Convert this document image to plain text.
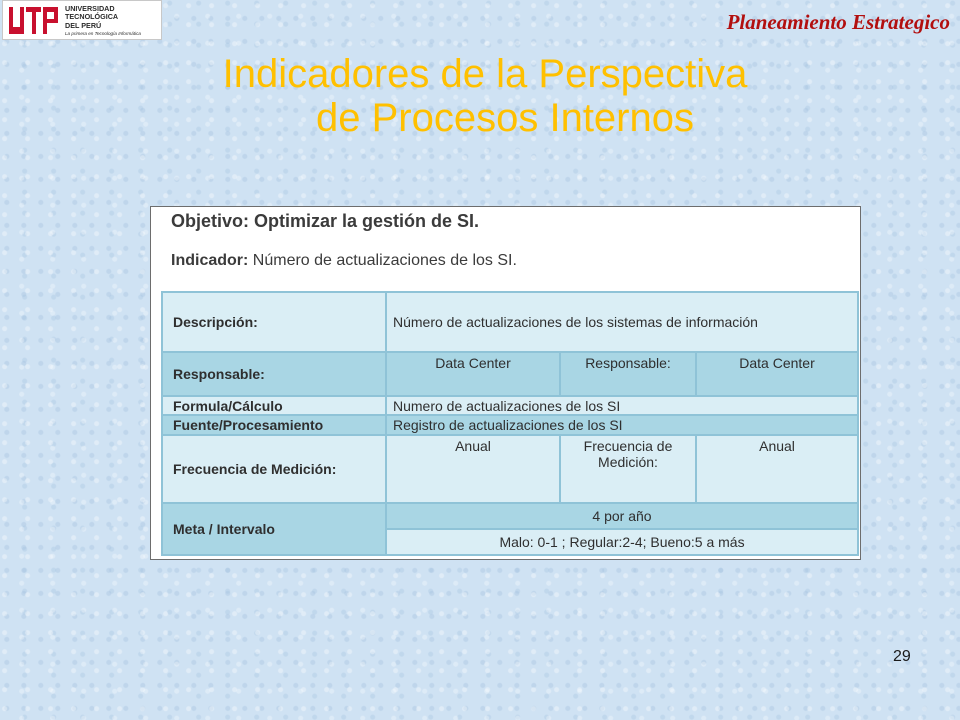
UNIVERSIDAD
TECNOLÓGICA
DEL PERÚ
La primera en Tecnología Informática	Planeamiento Estrategico
Indicadores de la Perspectiva
de Procesos Internos
Objetivo: Optimizar la gestión de SI.
Indicador: Número de actualizaciones de los SI.
Descripción:	Número de actualizaciones de los sistemas de información		
Responsable:	Data Center	Responsable:	Data Center
Formula/Cálculo	Numero de actualizaciones de los SI		
Fuente/Procesamiento	Registro de actualizaciones de los SI		
Frecuencia de Medición:	Anual	Frecuencia de Medición:	Anual
Meta / Intervalo	4 por año		
	Malo: 0-1 ; Regular:2-4; Bueno:5 a más		
29
